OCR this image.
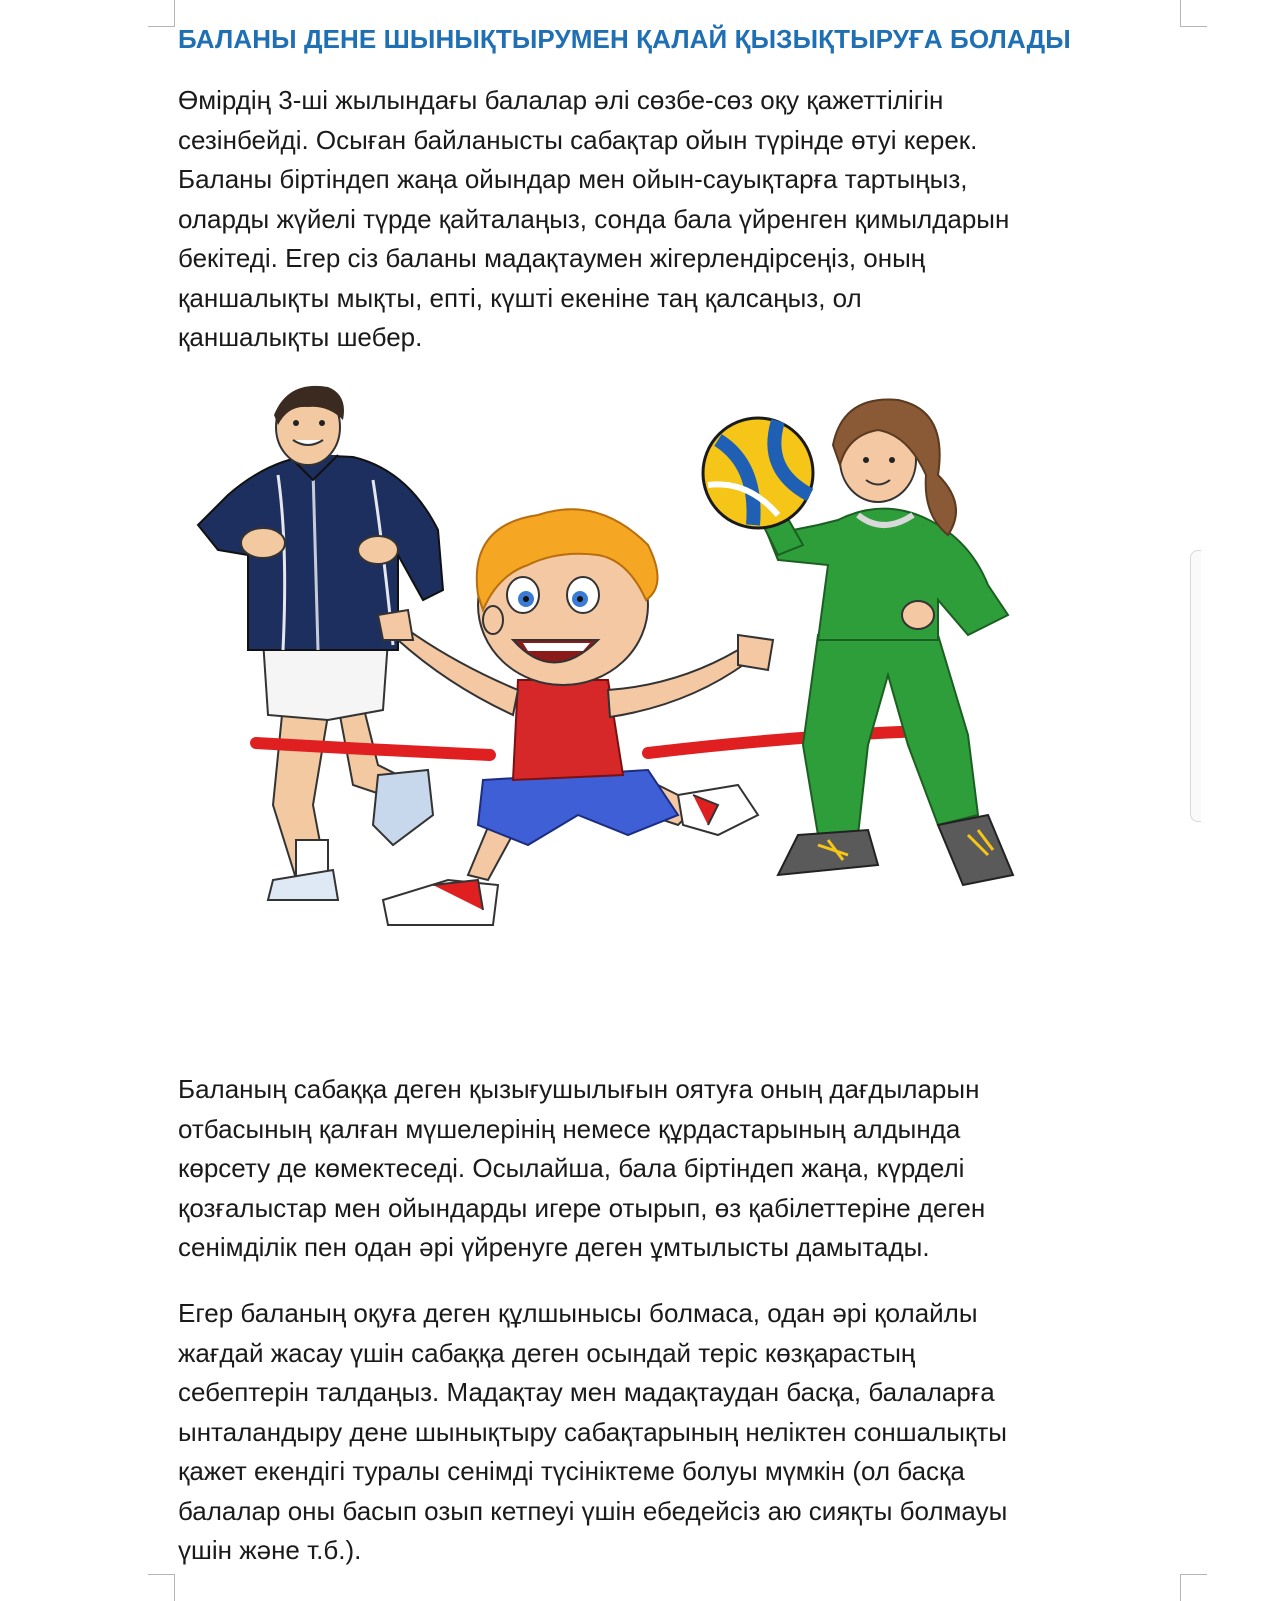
БАЛАНЫ ДЕНЕ ШЫНЫҚТЫРУМЕН ҚАЛАЙ ҚЫЗЫҚТЫРУҒА БОЛАДЫ

Өмірдің 3-ші жылындағы балалар әлі сөзбе-сөз оқу қажеттілігін
сезінбейді. Осыған байланысты сабақтар ойын түрінде өтуі керек.
Баланы біртіндеп жаңа ойындар мен ойын-сауықтарға тартыңыз,
оларды жүйелі түрде қайталаңыз, сонда бала үйренген қимылдарын
бекітеді. Егер сіз баланы мадақтаумен жігерлендірсеңіз, оның
қаншалықты мықты, епті, күшті екеніне таң қалсаңыз, ол
қаншалықты шебер.

Баланың сабаққа деген қызығушылығын оятуға оның дағдыларын
отбасының қалған мүшелерінің немесе құрдастарының алдында
көрсету де көмектеседі. Осылайша, бала біртіндеп жаңа, күрделі
қозғалыстар мен ойындарды игере отырып, өз қабілеттеріне деген
сенімділік пен одан әрі үйренуге деген ұмтылысты дамытады.

Егер баланың оқуға деген құлшынысы болмаса, одан әрі қолайлы
жағдай жасау үшін сабаққа деген осындай теріс көзқарастың
себептерін талдаңыз. Мадақтау мен мадақтаудан басқа, балаларға
ынталандыру дене шынықтыру сабақтарының неліктен соншалықты
қажет екендігі туралы сенімді түсініктеме болуы мүмкін (ол басқа
балалар оны басып озып кетпеуі үшін ебедейсіз аю сияқты болмауы
үшін және т.б.).
